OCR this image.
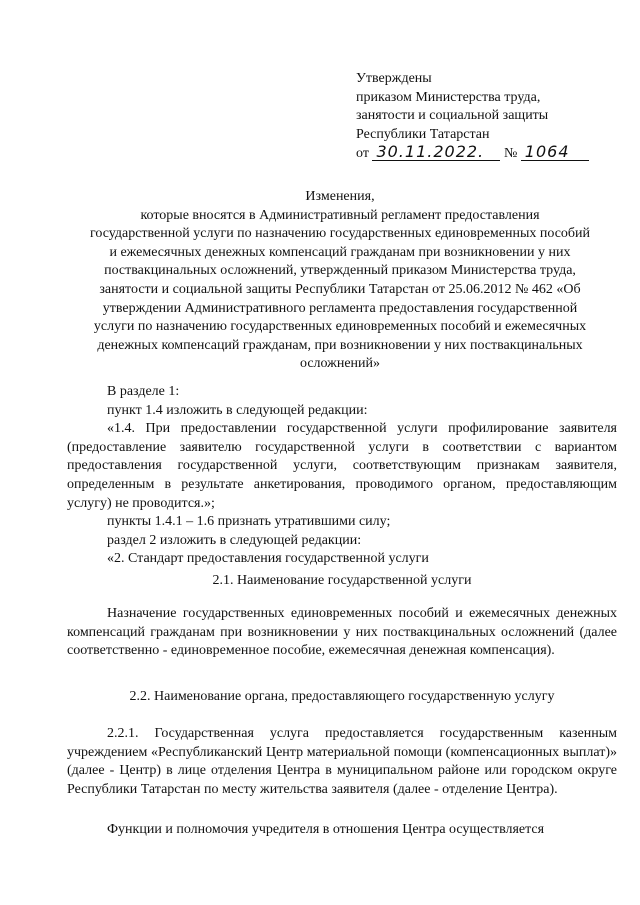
Утверждены
приказом Министерства труда,
занятости и социальной защиты
Республики Татарстан
от 30.11.2022. № 1064
Изменения,
которые вносятся в Административный регламент предоставления
государственной услуги по назначению государственных единовременных пособий
и ежемесячных денежных компенсаций гражданам при возникновении у них
поствакцинальных осложнений, утвержденный приказом Министерства труда,
занятости и социальной защиты Республики Татарстан от 25.06.2012 № 462 «Об
утверждении Административного регламента предоставления государственной
услуги по назначению государственных единовременных пособий и ежемесячных
денежных компенсаций гражданам, при возникновении у них поствакцинальных
осложнений»
В разделе 1:
пункт 1.4 изложить в следующей редакции:
«1.4. При предоставлении государственной услуги профилирование заявителя (предоставление заявителю государственной услуги в соответствии с вариантом предоставления государственной услуги, соответствующим признакам заявителя, определенным в результате анкетирования, проводимого органом, предоставляющим услугу) не проводится.»;
пункты 1.4.1 – 1.6 признать утратившими силу;
раздел 2 изложить в следующей редакции:
«2. Стандарт предоставления государственной услуги
2.1. Наименование государственной услуги
Назначение государственных единовременных пособий и ежемесячных денежных компенсаций гражданам при возникновении у них поствакцинальных осложнений (далее соответственно - единовременное пособие, ежемесячная денежная компенсация).
2.2. Наименование органа, предоставляющего государственную услугу
2.2.1. Государственная услуга предоставляется государственным казенным учреждением «Республиканский Центр материальной помощи (компенсационных выплат)» (далее - Центр) в лице отделения Центра в муниципальном районе или городском округе Республики Татарстан по месту жительства заявителя (далее - отделение Центра).
Функции и полномочия учредителя в отношения Центра осуществляется
